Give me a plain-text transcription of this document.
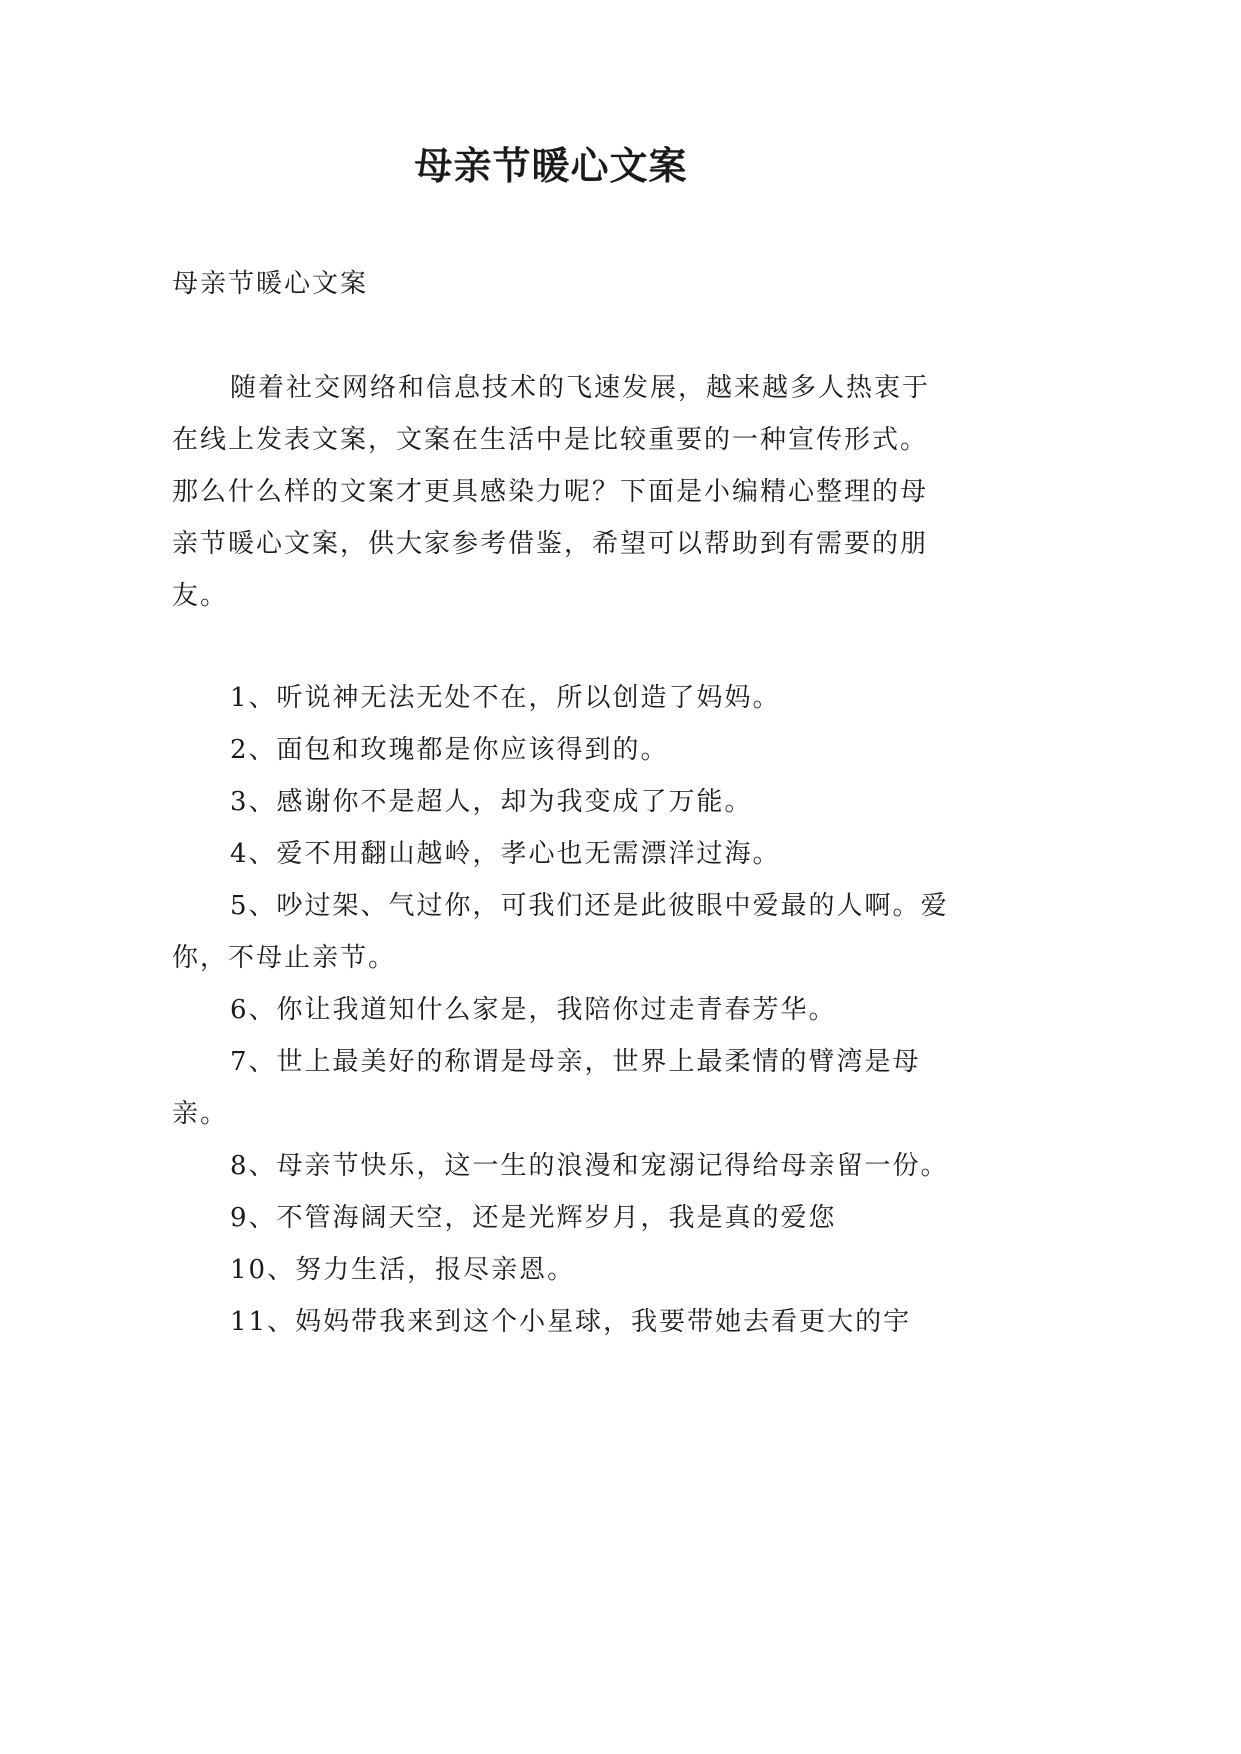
母亲节暖心文案
母亲节暖心文案

随着社交网络和信息技术的飞速发展，越来越多人热衷于在线上发表文案，文案在生活中是比较重要的一种宣传形式。那么什么样的文案才更具感染力呢？下面是小编精心整理的母亲节暖心文案，供大家参考借鉴，希望可以帮助到有需要的朋友。

1、听说神无法无处不在，所以创造了妈妈。

2、面包和玫瑰都是你应该得到的。

3、感谢你不是超人，却为我变成了万能。

4、爱不用翻山越岭，孝心也无需漂洋过海。

5、吵过架、气过你，可我们还是此彼眼中爱最的人啊。爱你，不母止亲节。

6、你让我道知什么家是，我陪你过走青春芳华。

7、世上最美好的称谓是母亲，世界上最柔情的臂湾是母亲。

8、母亲节快乐，这一生的浪漫和宠溺记得给母亲留一份。

9、不管海阔天空，还是光辉岁月，我是真的爱您

10、努力生活，报尽亲恩。

11、妈妈带我来到这个小星球，我要带她去看更大的宇
